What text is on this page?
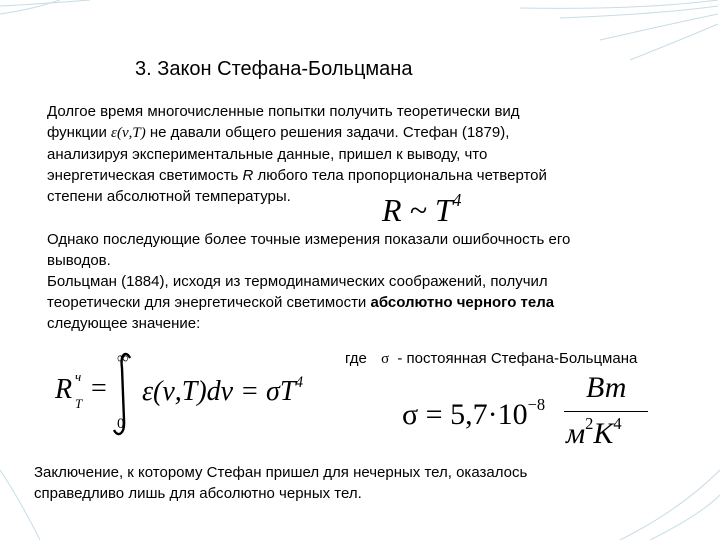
3. Закон Стефана-Больцмана
Долгое время многочисленные попытки получить теоретически вид
функции ε(ν,T) не давали общего решения задачи. Стефан (1879),
анализируя экспериментальные данные, пришел к выводу, что
энергетическая светимость R любого тела пропорциональна четвертой
степени абсолютной температуры.	R ~ $T^4$
Однако последующие более точные измерения показали ошибочность его
выводов.
Больцман (1884), исходя из термодинамических соображений, получил
теоретически для энергетической светимости абсолютно черного тела
следующее значение:
где σ - постоянная Стефана-Больцмана
R ч
T =
∞
0
$\varepsilon(\nu,T)d\nu = \sigma T^4$
$\sigma = 5,7\cdot 10^{-8}$
Вт
$м^2K^4$
Заключение, к которому Стефан пришел для нечерных тел, оказалось
справедливо лишь для абсолютно черных тел.
